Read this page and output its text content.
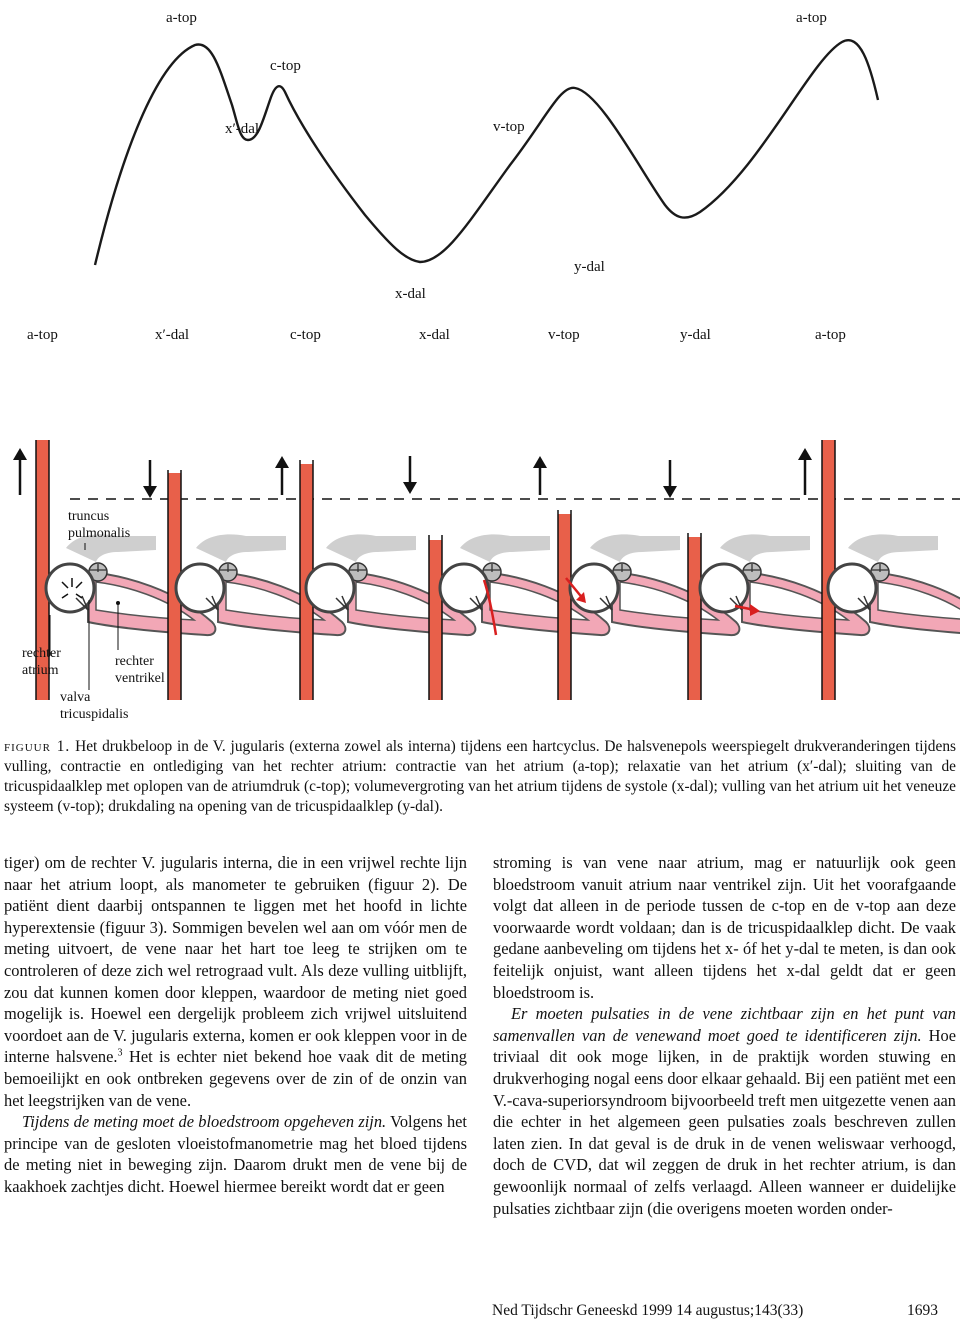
a-top	a-top
c-top
x′-dal	v-top
y-dal
x-dal
a-top	x′-dal	c-top	x-dal	v-top	y-dal	a-top
truncus
pulmonalis
rechter
atrium
rechter
ventrikel
valva
tricuspidalis
figuur 1. Het drukbeloop in de V. jugularis (externa zowel als interna) tijdens een hartcyclus. De halsvenepols weerspiegelt drukveranderingen tijdens vulling, contractie en ontlediging van het rechter atrium: contractie van het atrium (a-top); relaxatie van het atrium (x′-dal); sluiting van de tricuspidaalklep met oplopen van de atriumdruk (c-top); volumevergroting van het atrium tijdens de systole (x-dal); vulling van het atrium uit het veneuze systeem (v-top); drukdaling na opening van de tricuspidaalklep (y-dal).

tiger) om de rechter V. jugularis interna, die in een vrijwel rechte lijn naar het atrium loopt, als manometer te gebruiken (figuur 2). De patiënt dient daarbij ontspannen te liggen met het hoofd in lichte hyperextensie (figuur 3). Sommigen bevelen wel aan om vóór men de meting uitvoert, de vene naar het hart toe leeg te strijken om te controleren of deze zich wel retrograad vult. Als deze vulling uitblijft, zou dat kunnen komen door kleppen, waardoor de meting niet goed mogelijk is. Hoewel een dergelijk probleem zich vrijwel uitsluitend voordoet aan de V. jugularis externa, komen er ook kleppen voor in de interne halsvene.$^3$ Het is echter niet bekend hoe vaak dit de meting bemoeilijkt en ook ontbreken gegevens over de zin of de onzin van het leegstrijken van de vene.

Tijdens de meting moet de bloedstroom opgeheven zijn. Volgens het principe van de gesloten vloeistofmanometrie mag het bloed tijdens de meting niet in beweging zijn. Daarom drukt men de vene bij de kaakhoek zachtjes dicht. Hoewel hiermee bereikt wordt dat er geen

stroming is van vene naar atrium, mag er natuurlijk ook geen bloedstroom vanuit atrium naar ventrikel zijn. Uit het voorafgaande volgt dat alleen in de periode tussen de c-top en de v-top aan deze voorwaarde wordt voldaan; dan is de tricuspidaalklep dicht. De vaak gedane aanbeveling om tijdens het x- óf het y-dal te meten, is dan ook feitelijk onjuist, want alleen tijdens het x-dal geldt dat er geen bloedstroom is.

Er moeten pulsaties in de vene zichtbaar zijn en het punt van samenvallen van de venewand moet goed te identificeren zijn. Hoe triviaal dit ook moge lijken, in de praktijk worden stuwing en drukverhoging nogal eens door elkaar gehaald. Bij een patiënt met een V.-cava-superiorsyndroom bijvoorbeeld treft men uitgezette venen aan die echter in het algemeen geen pulsaties zoals beschreven zullen laten zien. In dat geval is de druk in de venen weliswaar verhoogd, doch de CVD, dat wil zeggen de druk in het rechter atrium, is dan gewoonlijk normaal of zelfs verlaagd. Alleen wanneer er duidelijke pulsaties zichtbaar zijn (die overigens moeten worden onder-

Ned Tijdschr Geneeskd 1999 14 augustus;143(33)	1693
